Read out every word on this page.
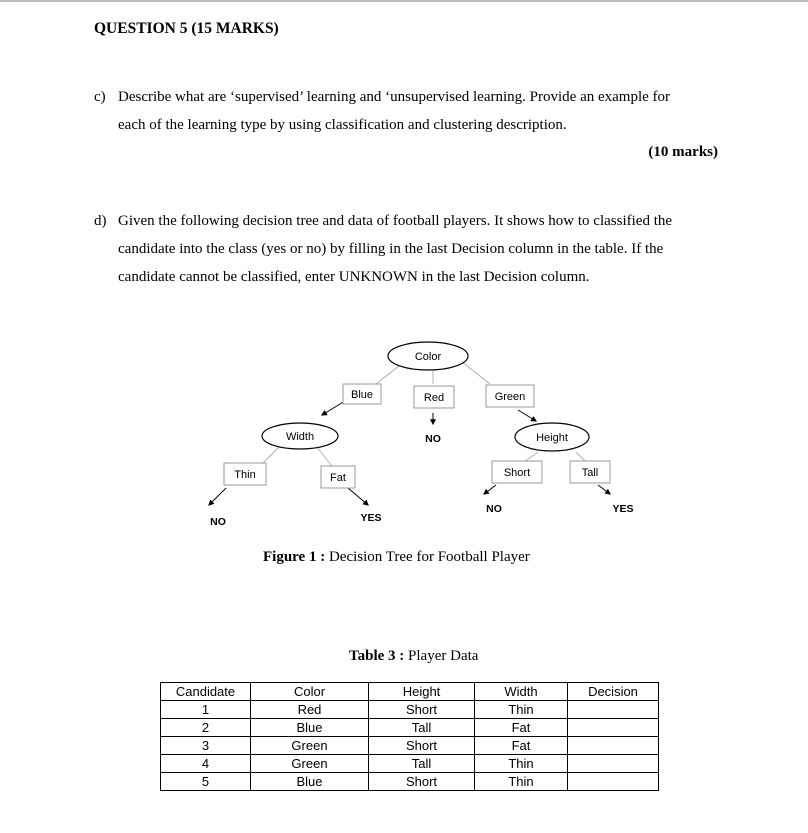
QUESTION 5 (15 MARKS)
c) Describe what are ‘supervised’ learning and ‘unsupervised learning. Provide an example for
each of the learning type by using classification and clustering description.
(10 marks)
d) Given the following decision tree and data of football players. It shows how to classified the
candidate into the class (yes or no) by filling in the last Decision column in the table. If the
candidate cannot be classified, enter UNKNOWN in the last Decision column.
Color
Blue	Red	Green
Width	Height
Thin	Fat	Short	Tall
NO
NO	YES
NO	YES
Figure 1 : Decision Tree for Football Player
Table 3 : Player Data
Candidate	Color	Height	Width	Decision
1	Red	Short	Thin	
2	Blue	Tall	Fat	
3	Green	Short	Fat	
4	Green	Tall	Thin	
5	Blue	Short	Thin	
